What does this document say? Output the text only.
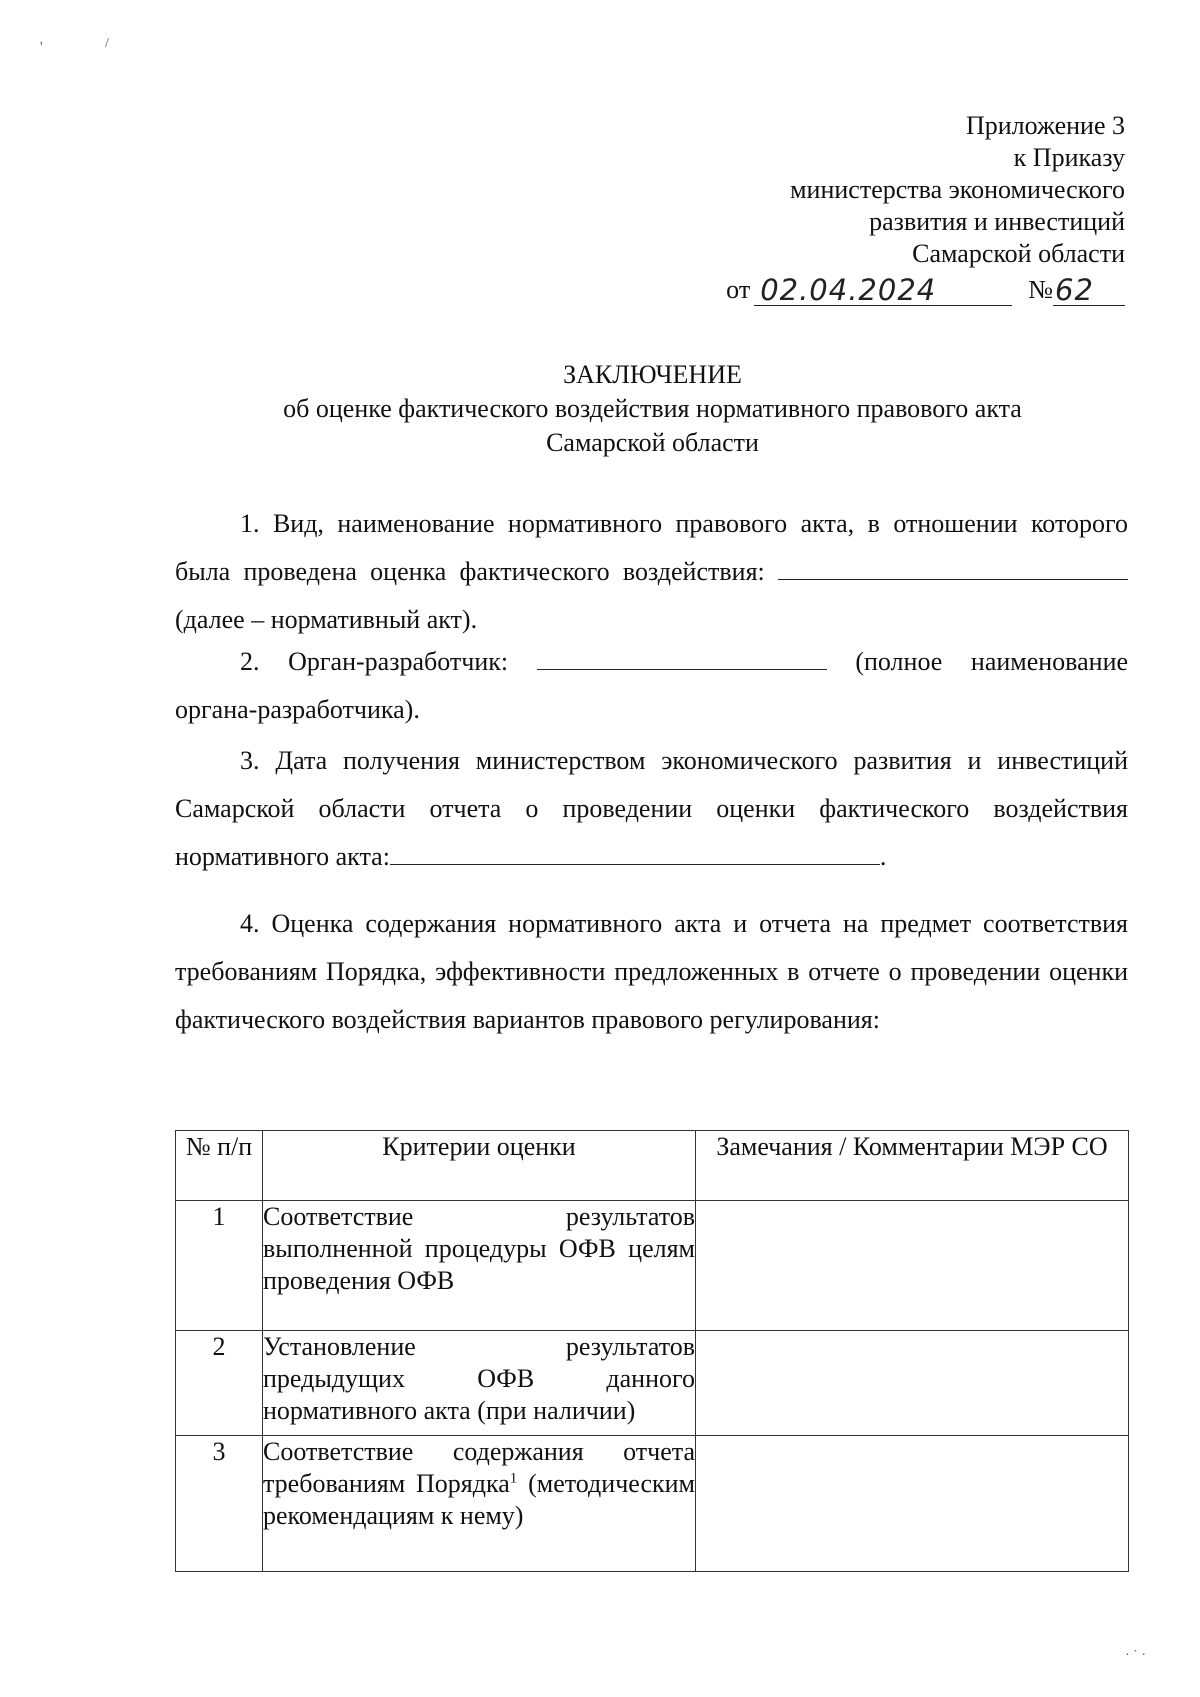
'	/
Приложение 3
к Приказу
министерства экономического
развития и инвестиций
Самарской области
от 02.04.2024	№ 62
ЗАКЛЮЧЕНИЕ
об оценке фактического воздействия нормативного правового акта
Самарской области
1. Вид, наименование нормативного правового акта, в отношении которого была проведена оценка фактического воздействия:  (далее – нормативный акт).
2. Орган-разработчик:	(полное наименование органа-разработчика).
3. Дата получения министерством экономического развития и инвестиций Самарской области отчета о проведении оценки фактического воздействия нормативного акта:	.
4. Оценка содержания нормативного акта и отчета на предмет соответствия требованиям Порядка, эффективности предложенных в отчете о проведении оценки фактического воздействия вариантов правового регулирования:
№ п/п	Критерии оценки	Замечания / Комментарии МЭР СО
1	Соответствие результатов выполненной процедуры ОФВ целям проведения ОФВ	

2	Установление результатов предыдущих ОФВ данного нормативного акта (при наличии)	

3	Соответствие содержания отчета требованиям Порядка$^1$ (методическим рекомендациям к нему)	

· ˙ ·
